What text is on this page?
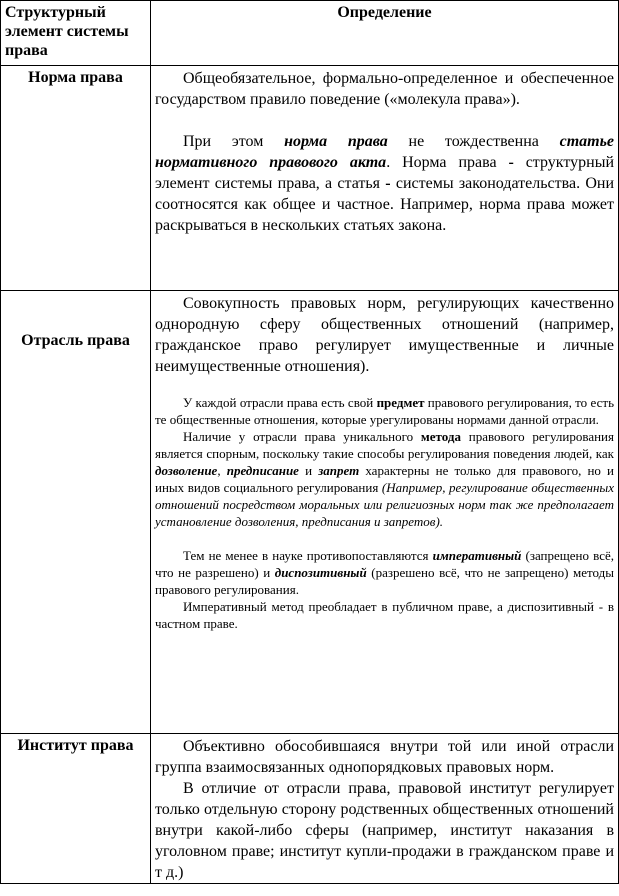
Структурный элемент системы права	Определение
Норма права	Общеобязательное, формально-определенное и обеспеченное государством правило поведение («молекула права»).

При этом норма права не тождественна статье нормативного правового акта. Норма права - структурный элемент системы права, а статья - системы законодательства. Они соотносятся как общее и частное. Например, норма права может раскрываться в нескольких статьях закона.

Отрасль права	Совокупность правовых норм, регулирующих качественно однородную сферу общественных отношений (например, гражданское право регулирует имущественные и личные неимущественные отношения).

У каждой отрасли права есть свой предмет правового регулирования, то есть те общественные отношения, которые урегулированы нормами данной отрасли.

Наличие у отрасли права уникального метода правового регулирования является спорным, поскольку такие способы регулирования поведения людей, как дозволение, предписание и запрет характерны не только для правового, но и иных видов социального регулирования (Например, регулирование общественных отношений посредством моральных или религиозных норм так же предполагает установление дозволения, предписания и запретов).

Тем не менее в науке противопоставляются императивный (запрещено всё, что не разрешено) и диспозитивный (разрешено всё, что не запрещено) методы правового регулирования.

Императивный метод преобладает в публичном праве, а диспозитивный - в частном праве.

Институт права	Объективно обособившаяся внутри той или иной отрасли группа взаимосвязанных однопорядковых правовых норм.

В отличие от отрасли права, правовой институт регулирует только отдельную сторону родственных общественных отношений внутри какой-либо сферы (например, институт наказания в уголовном праве; институт купли-продажи в гражданском праве и т д.)
